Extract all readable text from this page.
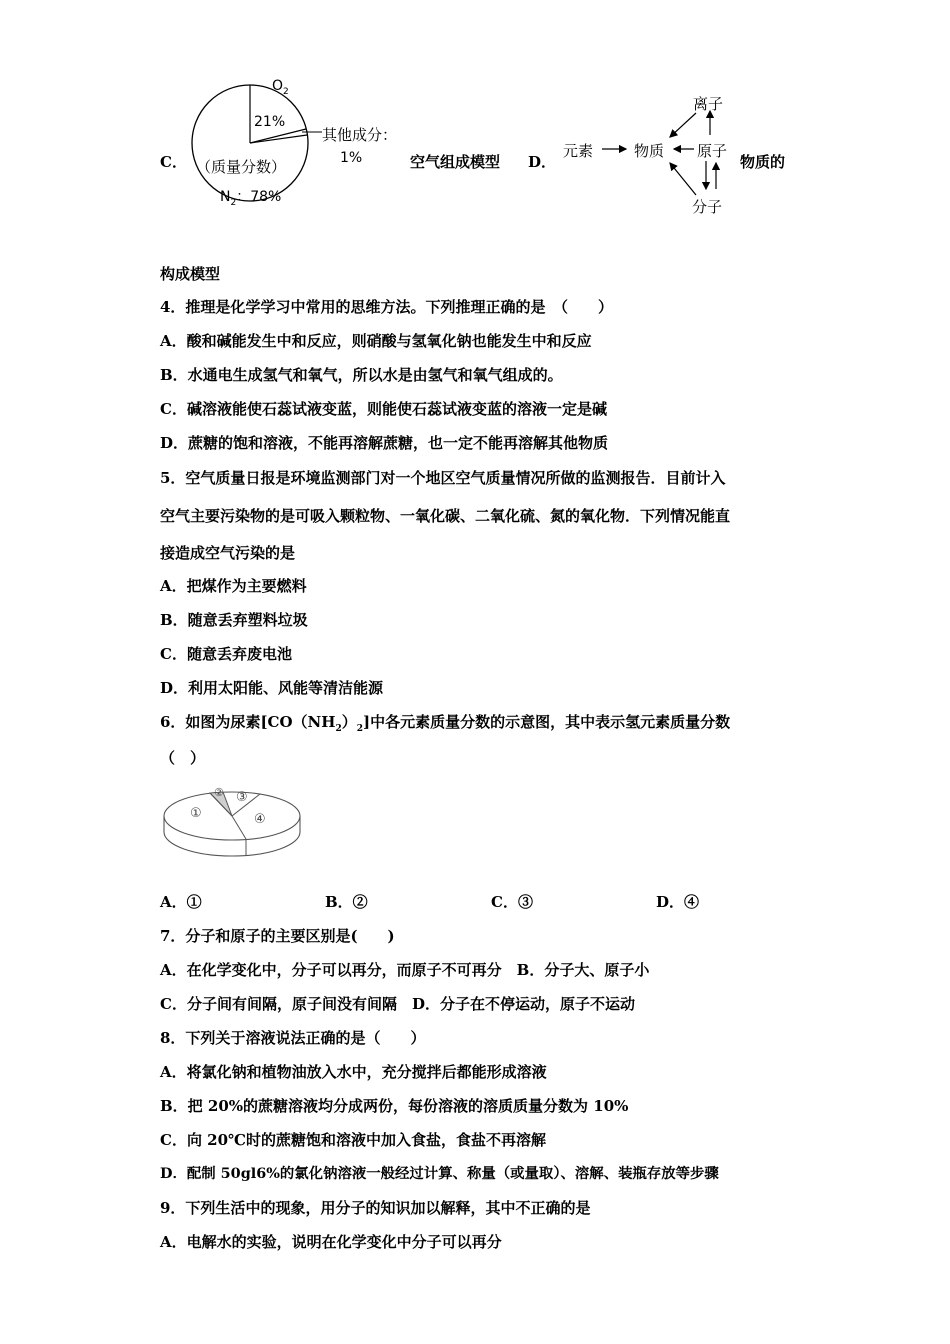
C．
$O_2$
21%
其他成分：
1%
（质量分数）
$N_2$：78%
空气组成模型 D．
元素	物质
离子
原子
分子
物质的
构成模型
4．推理是化学学习中常用的思维方法。下列推理正确的是　（　　）
A．酸和碱能发生中和反应，则硝酸与氢氧化钠也能发生中和反应
B．水通电生成氢气和氧气，所以水是由氢气和氧气组成的。
C．碱溶液能使石蕊试液变蓝，则能使石蕊试液变蓝的溶液一定是碱
D．蔗糖的饱和溶液，不能再溶解蔗糖，也一定不能再溶解其他物质
5．空气质量日报是环境监测部门对一个地区空气质量情况所做的监测报告．目前计入
空气主要污染物的是可吸入颗粒物、一氧化碳、二氧化硫、氮的氧化物．下列情况能直
接造成空气污染的是
A．把煤作为主要燃料
B．随意丢弃塑料垃圾
C．随意丢弃废电池
D．利用太阳能、风能等清洁能源
6．如图为尿素$[CO(NH_2)_2]$中各元素质量分数的示意图，其中表示氢元素质量分数
（　）
①
② ③
④
A．①	B．②	C．③	D．④
7．分子和原子的主要区别是(　　)
A．在化学变化中，分子可以再分，而原子不可再分　B．分子大、原子小
C．分子间有间隔，原子间没有间隔　D．分子在不停运动，原子不运动
8．下列关于溶液说法正确的是（　　）
A．将氯化钠和植物油放入水中，充分搅拌后都能形成溶液
B．把 20%的蔗糖溶液均分成两份，每份溶液的溶质质量分数为 10%
C．向 20℃时的蔗糖饱和溶液中加入食盐，食盐不再溶解
D．配制 50gl6%的氯化钠溶液一般经过计算、称量（或量取）、溶解、装瓶存放等步骤
9．下列生活中的现象，用分子的知识加以解释，其中不正确的是
A．电解水的实验，说明在化学变化中分子可以再分
